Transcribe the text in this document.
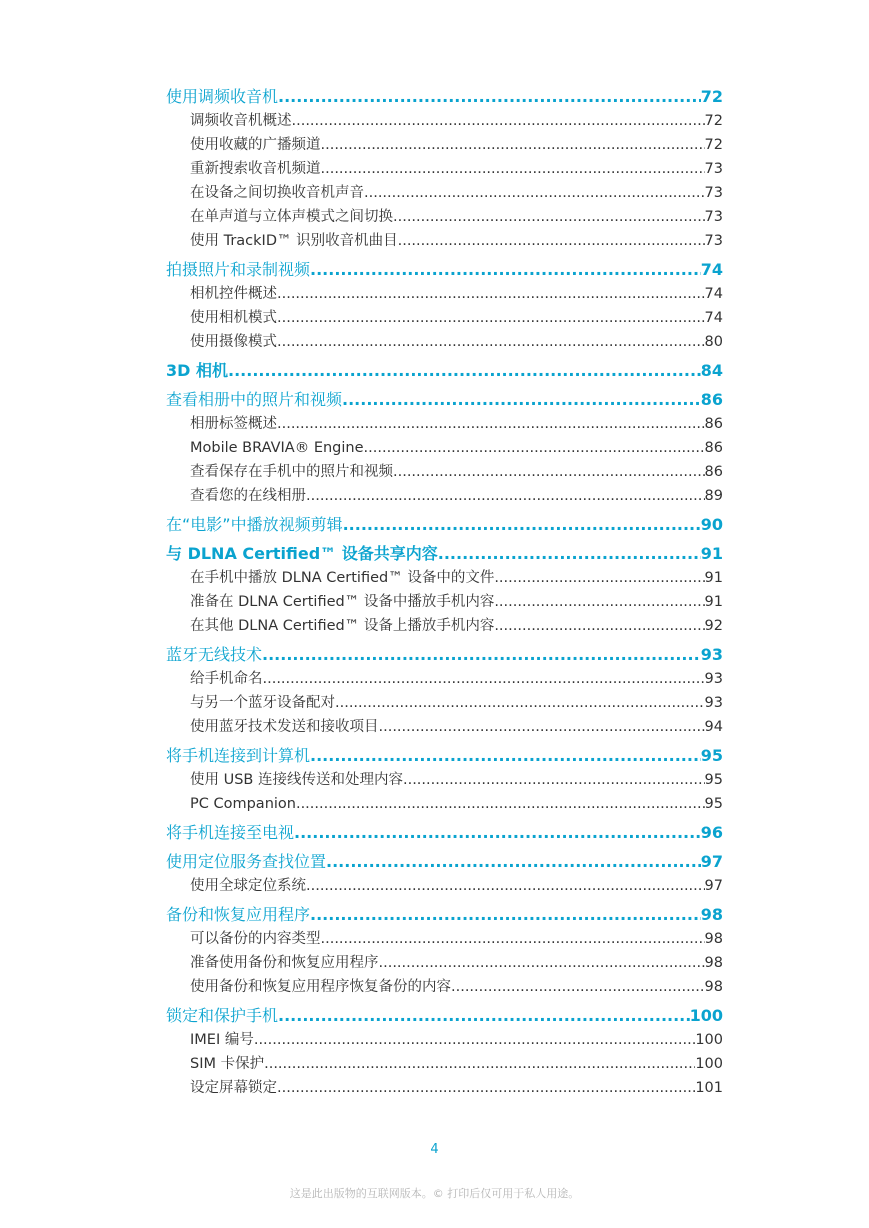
使用调频收音机 .....	72
调频收音机概述 .....	72
使用收藏的广播频道 .....	72
重新搜索收音机频道 .....	73
在设备之间切换收音机声音 .....	73
在单声道与立体声模式之间切换 .....	73
使用 TrackID™ 识别收音机曲目 .....	73
拍摄照片和录制视频 .....	74
相机控件概述 .....	74
使用相机模式 .....	74
使用摄像模式 .....	80
3D 相机 .....	84
查看相册中的照片和视频 .....	86
相册标签概述 .....	86
Mobile BRAVIA® Engine .....	86
查看保存在手机中的照片和视频 .....	86
查看您的在线相册 .....	89
在“电影”中播放视频剪辑 .....	90
与 DLNA Certified™ 设备共享内容 .....	91
在手机中播放 DLNA Certified™ 设备中的文件 .....	91
准备在 DLNA Certified™ 设备中播放手机内容 .....	91
在其他 DLNA Certified™ 设备上播放手机内容 .....	92
蓝牙无线技术 .....	93
给手机命名 .....	93
与另一个蓝牙设备配对 .....	93
使用蓝牙技术发送和接收项目 .....	94
将手机连接到计算机 .....	95
使用 USB 连接线传送和处理内容 .....	95
PC Companion .....	95
将手机连接至电视 .....	96
使用定位服务查找位置 .....	97
使用全球定位系统 .....	97
备份和恢复应用程序 .....	98
可以备份的内容类型 .....	98
准备使用备份和恢复应用程序 .....	98
使用备份和恢复应用程序恢复备份的内容 .....	98
锁定和保护手机 .....	100
IMEI 编号 .....	100
SIM 卡保护 .....	100
设定屏幕锁定 .....	101
4
这是此出版物的互联网版本。© 打印后仅可用于私人用途。
